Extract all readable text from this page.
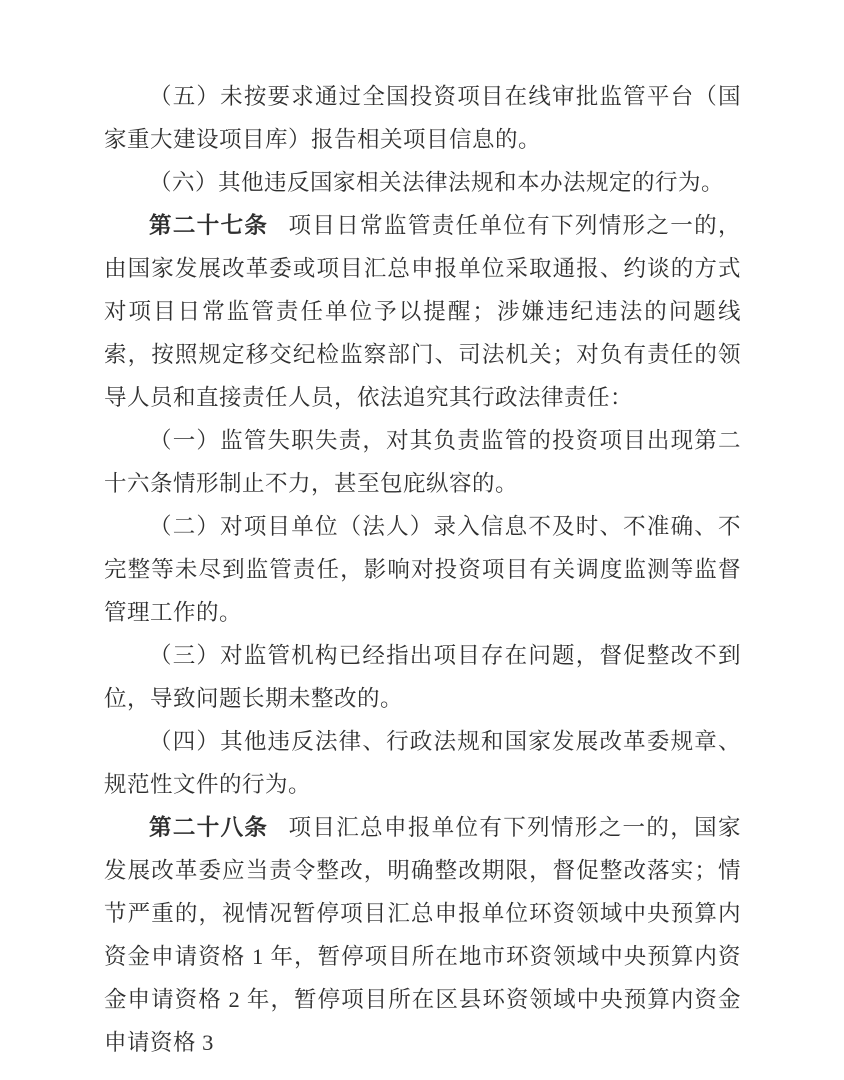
（五）未按要求通过全国投资项目在线审批监管平台（国家重大建设项目库）报告相关项目信息的。

（六）其他违反国家相关法律法规和本办法规定的行为。

第二十七条 项目日常监管责任单位有下列情形之一的，由国家发展改革委或项目汇总申报单位采取通报、约谈的方式对项目日常监管责任单位予以提醒；涉嫌违纪违法的问题线索，按照规定移交纪检监察部门、司法机关；对负有责任的领导人员和直接责任人员，依法追究其行政法律责任：

（一）监管失职失责，对其负责监管的投资项目出现第二十六条情形制止不力，甚至包庇纵容的。

（二）对项目单位（法人）录入信息不及时、不准确、不完整等未尽到监管责任，影响对投资项目有关调度监测等监督管理工作的。

（三）对监管机构已经指出项目存在问题，督促整改不到位，导致问题长期未整改的。

（四）其他违反法律、行政法规和国家发展改革委规章、规范性文件的行为。

第二十八条 项目汇总申报单位有下列情形之一的，国家发展改革委应当责令整改，明确整改期限，督促整改落实；情节严重的，视情况暂停项目汇总申报单位环资领域中央预算内资金申请资格 1 年，暂停项目所在地市环资领域中央预算内资金申请资格 2 年，暂停项目所在区县环资领域中央预算内资金申请资格 3
